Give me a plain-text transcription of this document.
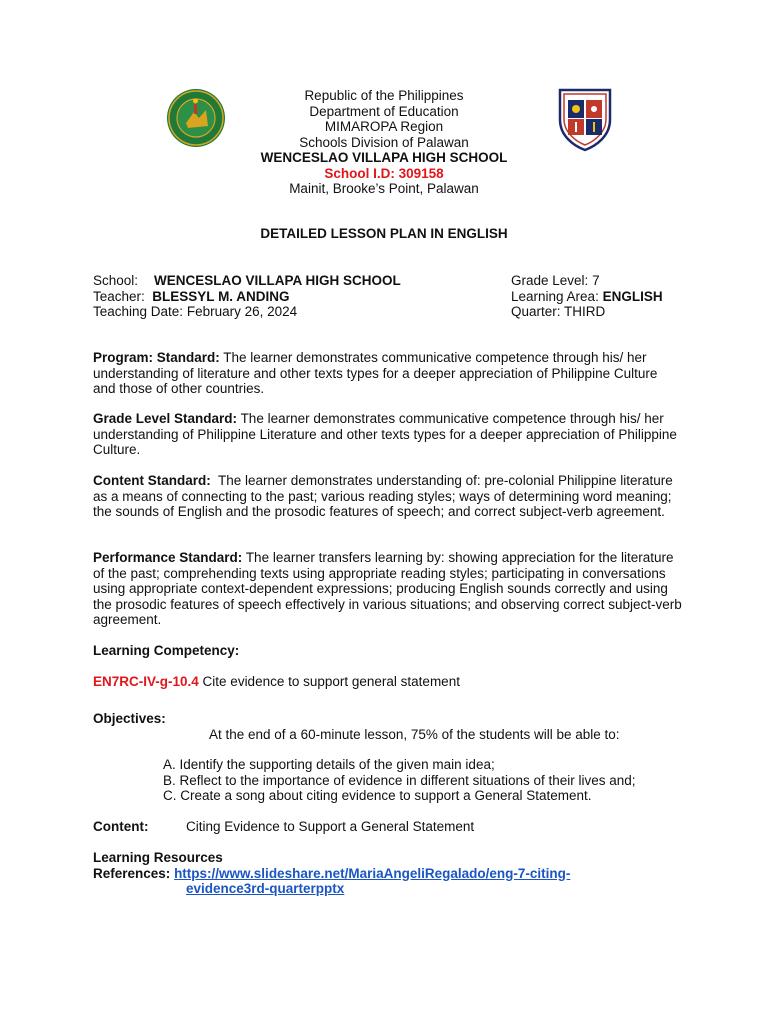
Republic of the Philippines
Department of Education
MIMAROPA Region
Schools Division of Palawan
WENCESLAO VILLAPA HIGH SCHOOL
School I.D: 309158
Mainit, Brooke’s Point, Palawan
DETAILED LESSON PLAN IN ENGLISH
School: WENCESLAO VILLAPA HIGH SCHOOL	Grade Level: 7
Teacher: BLESSYL M. ANDING	Learning Area: ENGLISH
Teaching Date: February 26, 2024	Quarter: THIRD
Program: Standard: The learner demonstrates communicative competence through his/ her understanding of literature and other texts types for a deeper appreciation of Philippine Culture and those of other countries.
Grade Level Standard: The learner demonstrates communicative competence through his/ her understanding of Philippine Literature and other texts types for a deeper appreciation of Philippine Culture.
Content Standard: The learner demonstrates understanding of: pre-colonial Philippine literature as a means of connecting to the past; various reading styles; ways of determining word meaning; the sounds of English and the prosodic features of speech; and correct subject-verb agreement.
Performance Standard: The learner transfers learning by: showing appreciation for the literature of the past; comprehending texts using appropriate reading styles; participating in conversations using appropriate context-dependent expressions; producing English sounds correctly and using the prosodic features of speech effectively in various situations; and observing correct subject-verb agreement.
Learning Competency:
EN7RC-IV-g-10.4 Cite evidence to support general statement
Objectives:
At the end of a 60-minute lesson, 75% of the students will be able to:
A. Identify the supporting details of the given main idea;
B. Reflect to the importance of evidence in different situations of their lives and;
C. Create a song about citing evidence to support a General Statement.
Content:	Citing Evidence to Support a General Statement
Learning Resources
References: https://www.slideshare.net/MariaAngeliRegalado/eng-7-citing-
evidence3rd-quarterpptx
